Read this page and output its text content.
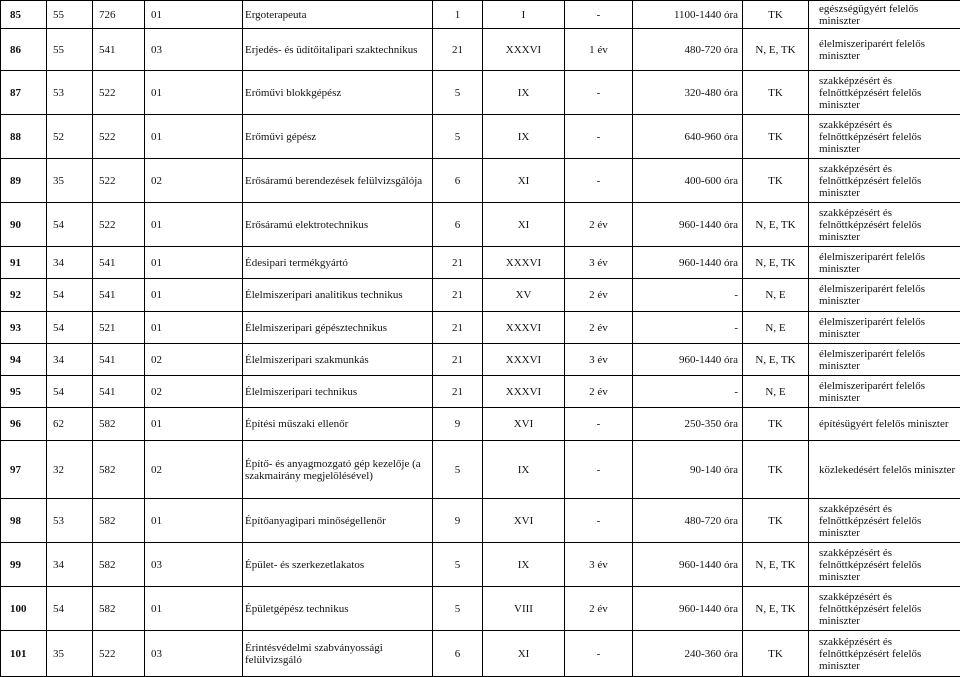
85	55	726	01	Ergoterapeuta	1	I	-	1100-1440 óra	TK	egészségügyért felelős miniszter
86	55	541	03	Erjedés- és üdítőitalipari szaktechnikus	21	XXXVI	1 év	480-720 óra	N, E, TK	élelmiszeriparért felelős miniszter
87	53	522	01	Erőművi blokkgépész	5	IX	-	320-480 óra	TK	szakképzésért és felnőttképzésért felelős miniszter
88	52	522	01	Erőművi gépész	5	IX	-	640-960 óra	TK	szakképzésért és felnőttképzésért felelős miniszter
89	35	522	02	Erősáramú berendezések felülvizsgálója	6	XI	-	400-600 óra	TK	szakképzésért és felnőttképzésért felelős miniszter
90	54	522	01	Erősáramú elektrotechnikus	6	XI	2 év	960-1440 óra	N, E, TK	szakképzésért és felnőttképzésért felelős miniszter
91	34	541	01	Édesipari termékgyártó	21	XXXVI	3 év	960-1440 óra	N, E, TK	élelmiszeriparért felelős miniszter
92	54	541	01	Élelmiszeripari analitikus technikus	21	XV	2 év	-	N, E	élelmiszeriparért felelős miniszter
93	54	521	01	Élelmiszeripari gépésztechnikus	21	XXXVI	2 év	-	N, E	élelmiszeriparért felelős miniszter
94	34	541	02	Élelmiszeripari szakmunkás	21	XXXVI	3 év	960-1440 óra	N, E, TK	élelmiszeriparért felelős miniszter
95	54	541	02	Élelmiszeripari technikus	21	XXXVI	2 év	-	N, E	élelmiszeriparért felelős miniszter
96	62	582	01	Építési műszaki ellenőr	9	XVI	-	250-350 óra	TK	építésügyért felelős miniszter
97	32	582	02	Építő- és anyagmozgató gép kezelője (a szakmairány megjelölésével)	5	IX	-	90-140 óra	TK	közlekedésért felelős miniszter
98	53	582	01	Építőanyagipari minőségellenőr	9	XVI	-	480-720 óra	TK	szakképzésért és felnőttképzésért felelős miniszter
99	34	582	03	Épület- és szerkezetlakatos	5	IX	3 év	960-1440 óra	N, E, TK	szakképzésért és felnőttképzésért felelős miniszter
100	54	582	01	Épületgépész technikus	5	VIII	2 év	960-1440 óra	N, E, TK	szakképzésért és felnőttképzésért felelős miniszter
101	35	522	03	Érintésvédelmi szabványossági felülvizsgáló	6	XI	-	240-360 óra	TK	szakképzésért és felnőttképzésért felelős miniszter
